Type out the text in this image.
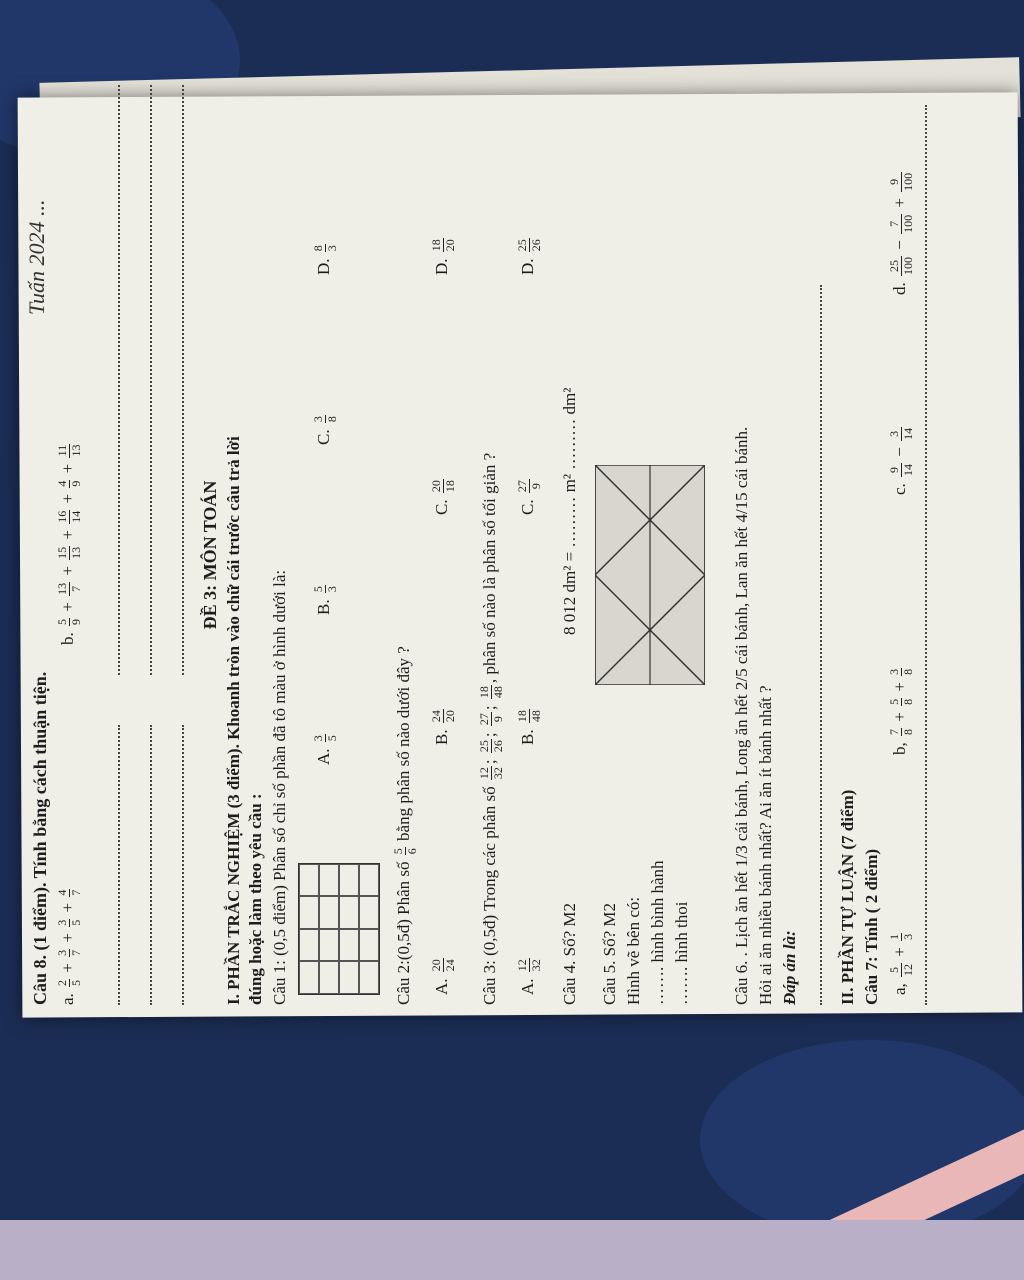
Câu 8. (1 điểm). Tính bằng cách thuận tiện.
Tuấn 2024 ...
a.
2 5
+
3 7
+
3 5
+
4 7
b.
5 9
+
13 7
+
15 13
+
16 14
+
4 9
+
11 13
ĐỀ 3: MÔN TOÁN I. PHẦN TRẮC NGHIỆM (3 điểm). Khoanh tròn vào chữ cái trước câu trả lời đúng hoặc làm theo yêu cầu : Câu 1: (0,5 điểm) Phân số chỉ số phần đã tô màu ở hình dưới là: A.
3 5
B.
5 3
C.
3 8
D.
8 3
Câu 2:(0,5đ) Phân số
5 6
bằng phân số nào dưới đây ?
A.
20 24
B.
24 20
C.
20 18
D.
18 20
Câu 3: (0,5đ) Trong các phân số
12 32
;
25 26
;
27 9
;
18 48
, phân số nào là phân số tối giản ?
A.
12 32
B.
18 48
C.
27 9
D.
25 26
Câu 4. Số? M2
8 012 dm² = ……… m² ……… dm²
Câu 5. Số? M2 Hình vẽ bên có: ……. hình bình hành ……. hình thoi Câu 6. . Lịch ăn hết 1/3 cái bánh, Long ăn hết 2/5 cái bánh, Lan ăn hết 4/15 cái bánh. Hỏi ai ăn nhiều bánh nhất? Ai ăn ít bánh nhất ? Đáp án là: II. PHẦN TỰ LUẬN (7 điểm) Câu 7: Tính ( 2 điểm) a,
5 12
+
1 3
b,
7 8
+
5 8
+
3 8
c.
9 14
−
3 14
d.
25 100
−
7 100
+
9 100
